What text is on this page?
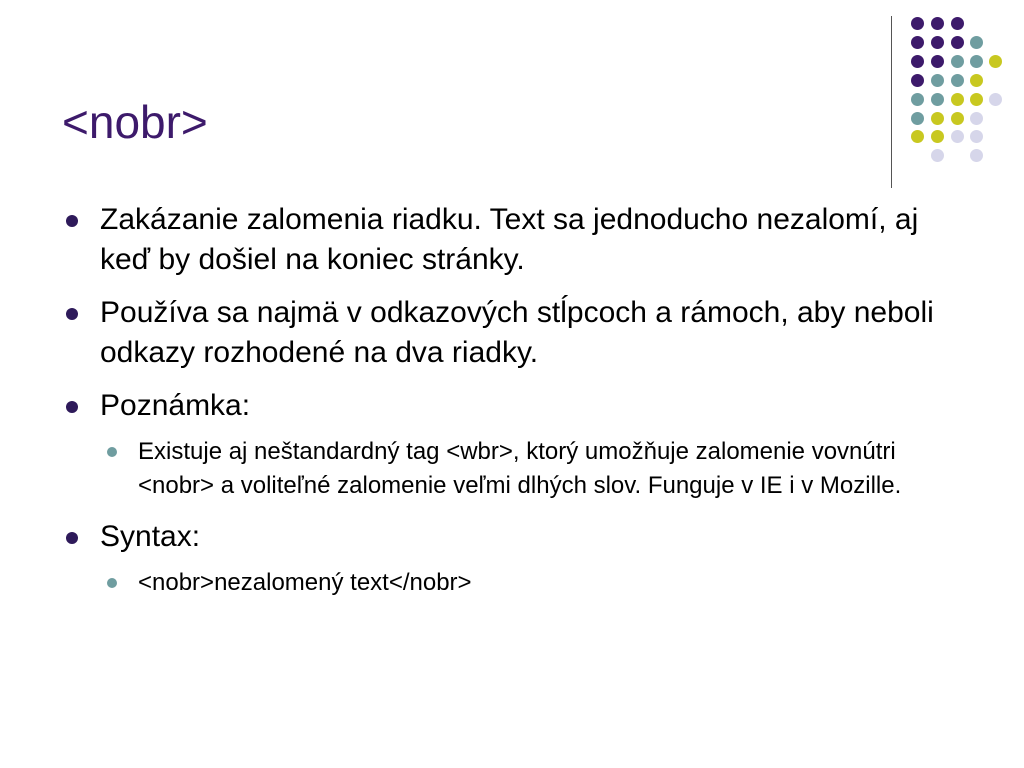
<nobr>
Zakázanie zalomenia riadku. Text sa jednoducho nezalomí, aj keď by došiel na koniec stránky.
Používa sa najmä v odkazových stĺpcoch a rámoch, aby neboli odkazy rozhodené na dva riadky.
Poznámka:
Existuje aj neštandardný tag <wbr>, ktorý umožňuje zalomenie vovnútri <nobr> a voliteľné zalomenie veľmi dlhých slov. Funguje v IE i v Mozille.
Syntax:
<nobr>nezalomený text</nobr>
